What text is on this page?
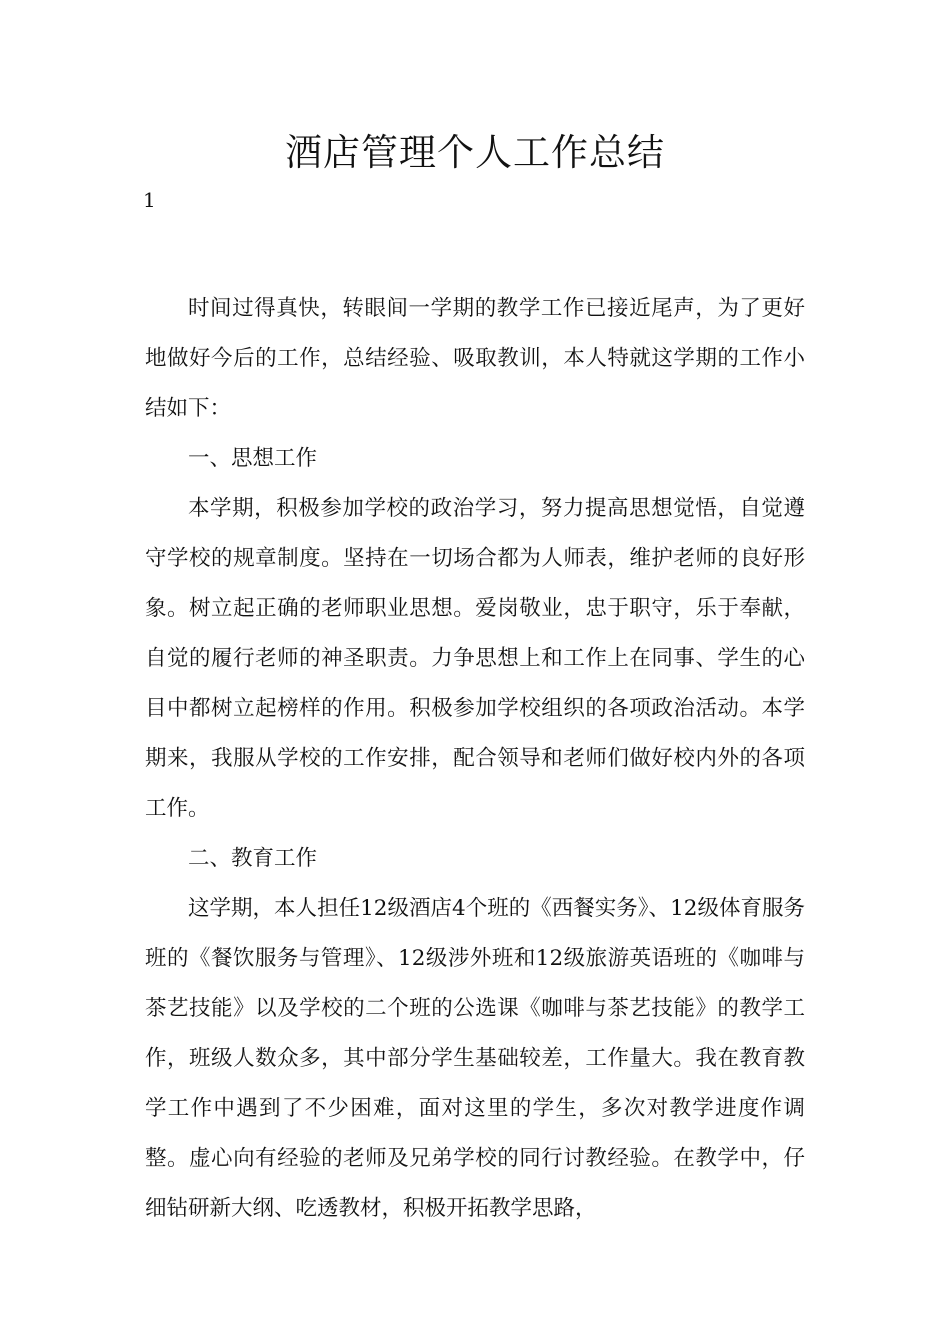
酒店管理个人工作总结
1

时间过得真快，转眼间一学期的教学工作已接近尾声，为了更好地做好今后的工作，总结经验、吸取教训，本人特就这学期的工作小结如下：

一、思想工作

本学期，积极参加学校的政治学习，努力提高思想觉悟，自觉遵守学校的规章制度。坚持在一切场合都为人师表，维护老师的良好形象。树立起正确的老师职业思想。爱岗敬业，忠于职守，乐于奉献，自觉的履行老师的神圣职责。力争思想上和工作上在同事、学生的心目中都树立起榜样的作用。积极参加学校组织的各项政治活动。本学期来，我服从学校的工作安排，配合领导和老师们做好校内外的各项工作。

二、教育工作

这学期，本人担任12级酒店4个班的《西餐实务》、12级体育服务班的《餐饮服务与管理》、12级涉外班和12级旅游英语班的《咖啡与茶艺技能》以及学校的二个班的公选课《咖啡与茶艺技能》的教学工作，班级人数众多，其中部分学生基础较差，工作量大。我在教育教学工作中遇到了不少困难，面对这里的学生，多次对教学进度作调整。虚心向有经验的老师及兄弟学校的同行讨教经验。在教学中，仔细钻研新大纲、吃透教材，积极开拓教学思路，
